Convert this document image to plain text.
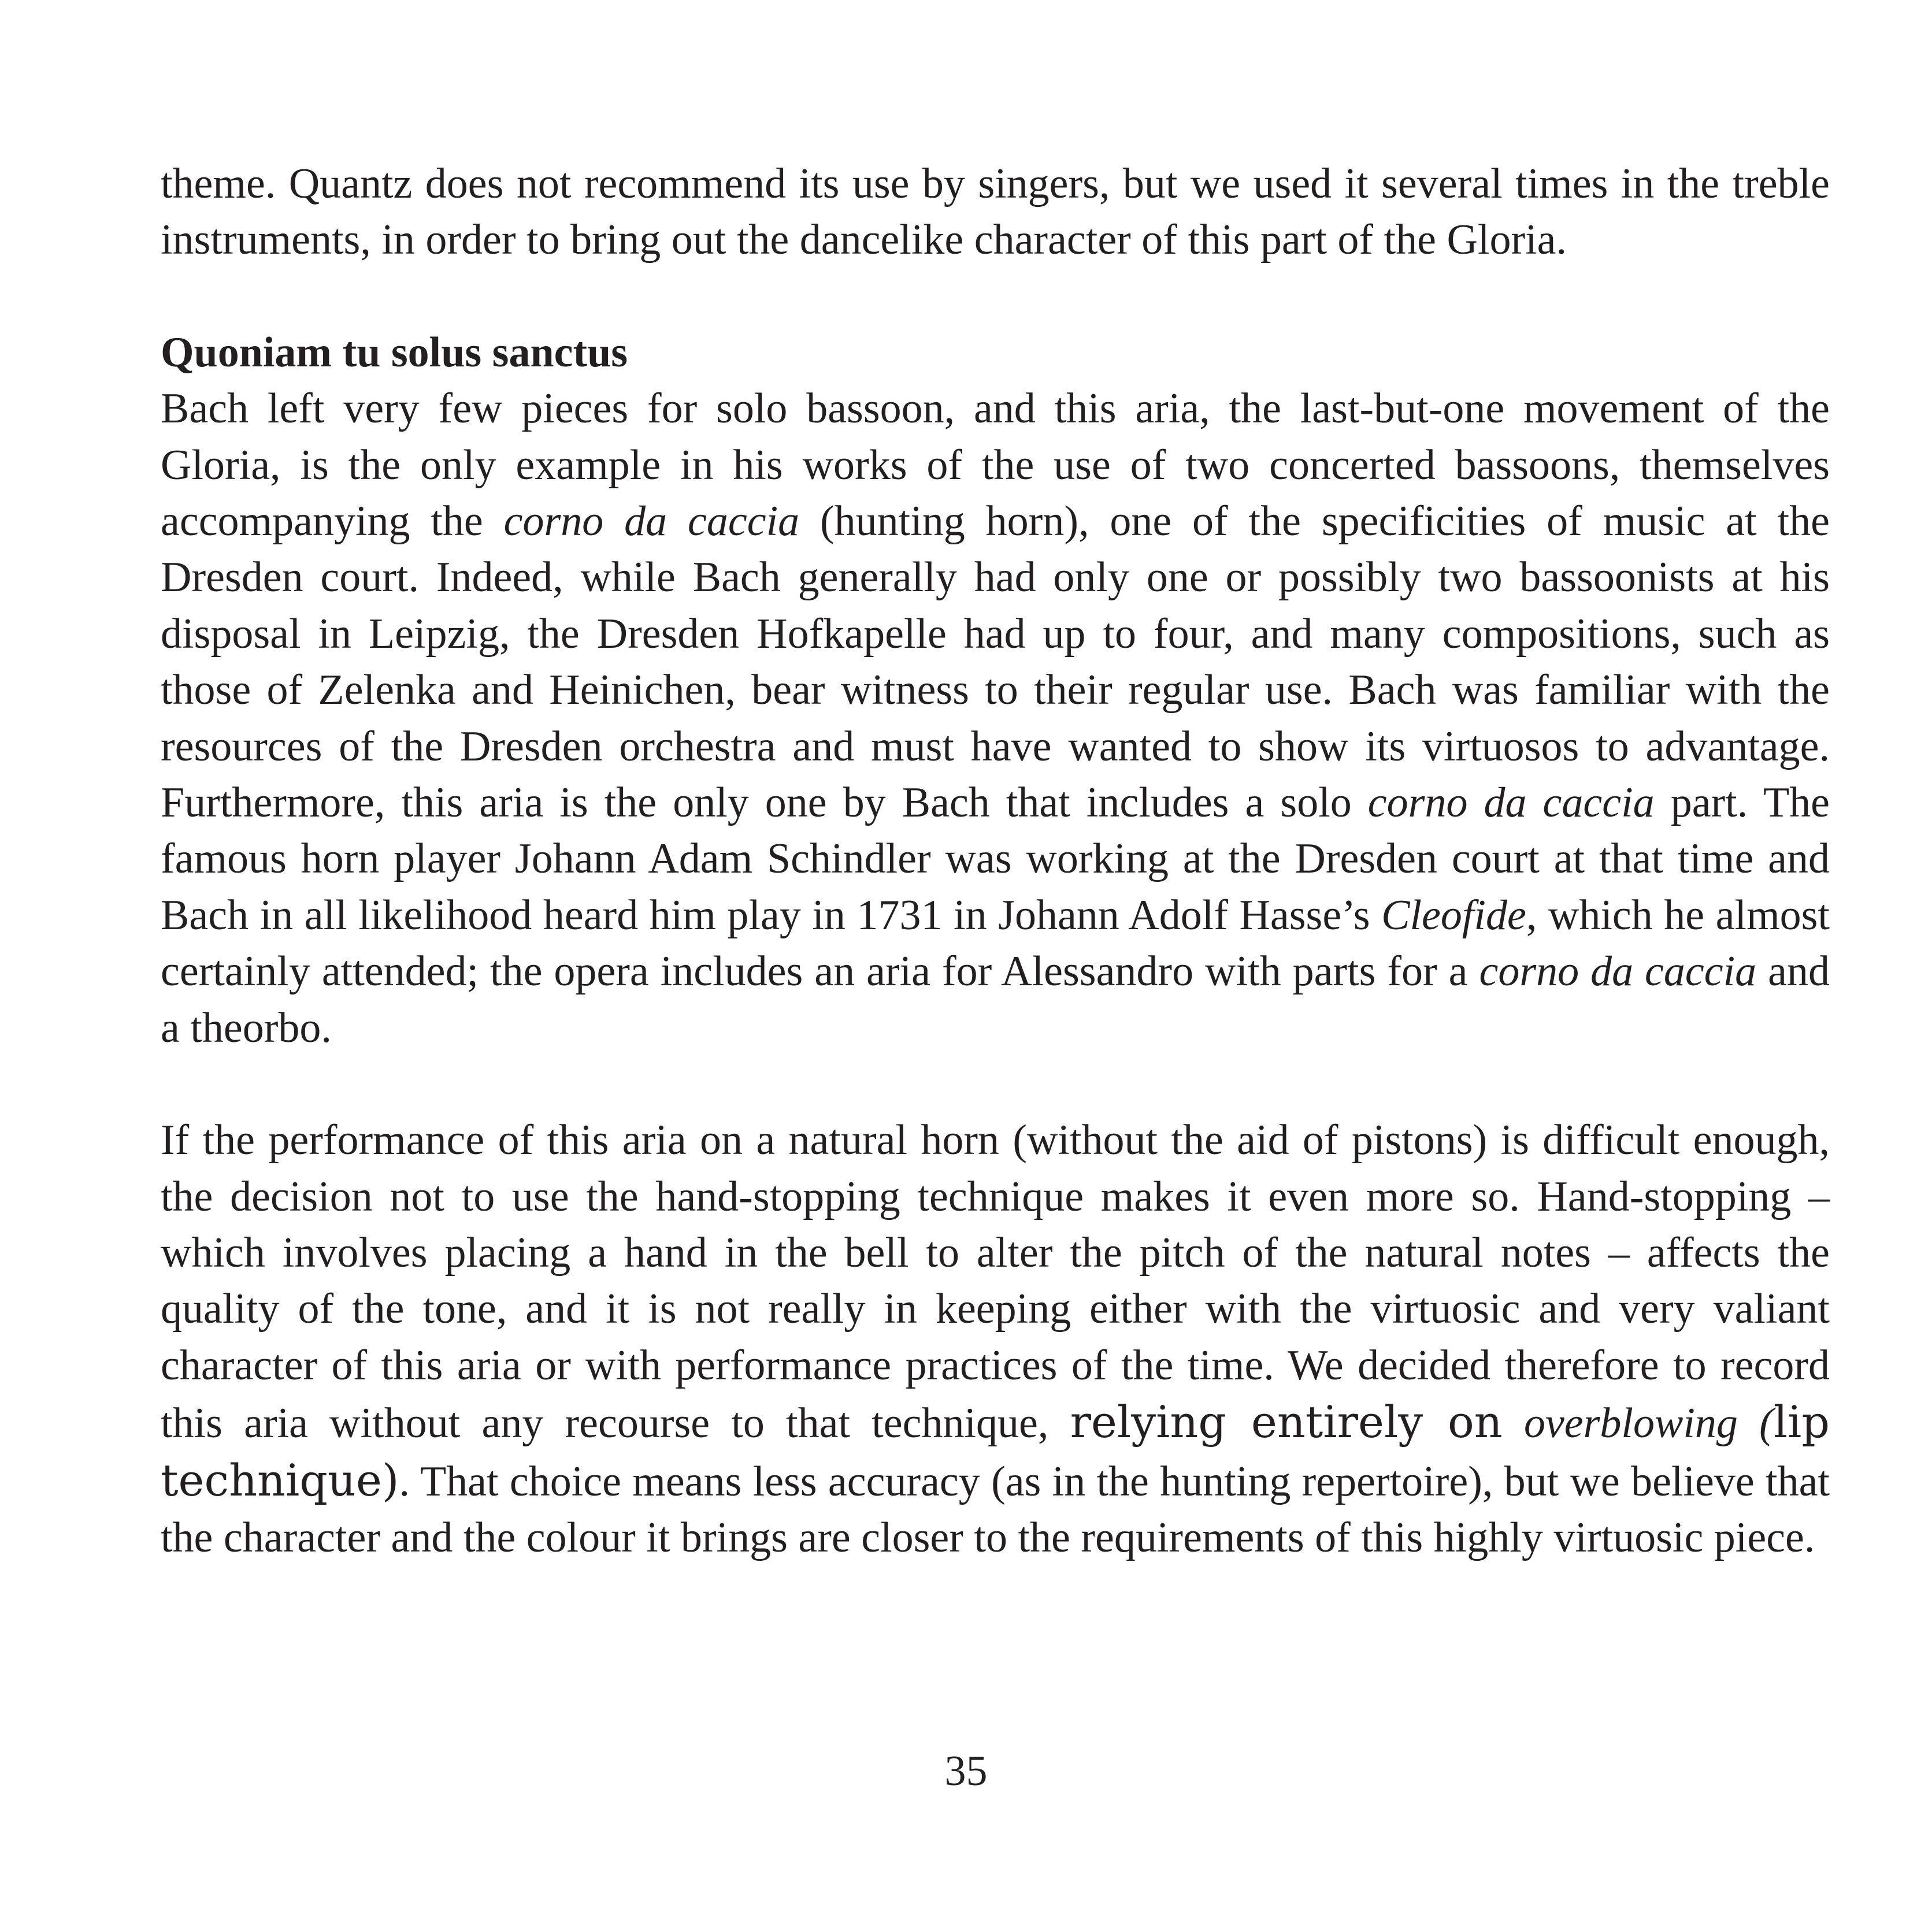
theme. Quantz does not recommend its use by singers, but we used it several times in the treble instruments, in order to bring out the dancelike character of this part of the Gloria.

Quoniam tu solus sanctus

Bach left very few pieces for solo bassoon, and this aria, the last-but-one movement of the Gloria, is the only example in his works of the use of two concerted bassoons, themselves accompanying the corno da caccia (hunting horn), one of the specificities of music at the Dresden court. Indeed, while Bach generally had only one or possibly two bassoonists at his disposal in Leipzig, the Dresden Hofkapelle had up to four, and many compositions, such as those of Zelenka and Heinichen, bear witness to their regular use. Bach was familiar with the resources of the Dresden orchestra and must have wanted to show its virtuosos to advantage. Furthermore, this aria is the only one by Bach that includes a solo corno da caccia part. The famous horn player Johann Adam Schindler was working at the Dresden court at that time and Bach in all likelihood heard him play in 1731 in Johann Adolf Hasse’s Cleofide, which he almost certainly attended; the opera includes an aria for Alessandro with parts for a corno da caccia and a theorbo.

If the performance of this aria on a natural horn (without the aid of pistons) is difficult enough, the decision not to use the hand-stopping technique makes it even more so. Hand-stopping – which involves placing a hand in the bell to alter the pitch of the natural notes – affects the quality of the tone, and it is not really in keeping either with the virtuosic and very valiant character of this aria or with performance practices of the time. We decided therefore to record this aria without any recourse to that technique, relying entirely on overblowing (lip technique). That choice means less accuracy (as in the hunting repertoire), but we believe that the character and the colour it brings are closer to the requirements of this highly virtuosic piece.

35
